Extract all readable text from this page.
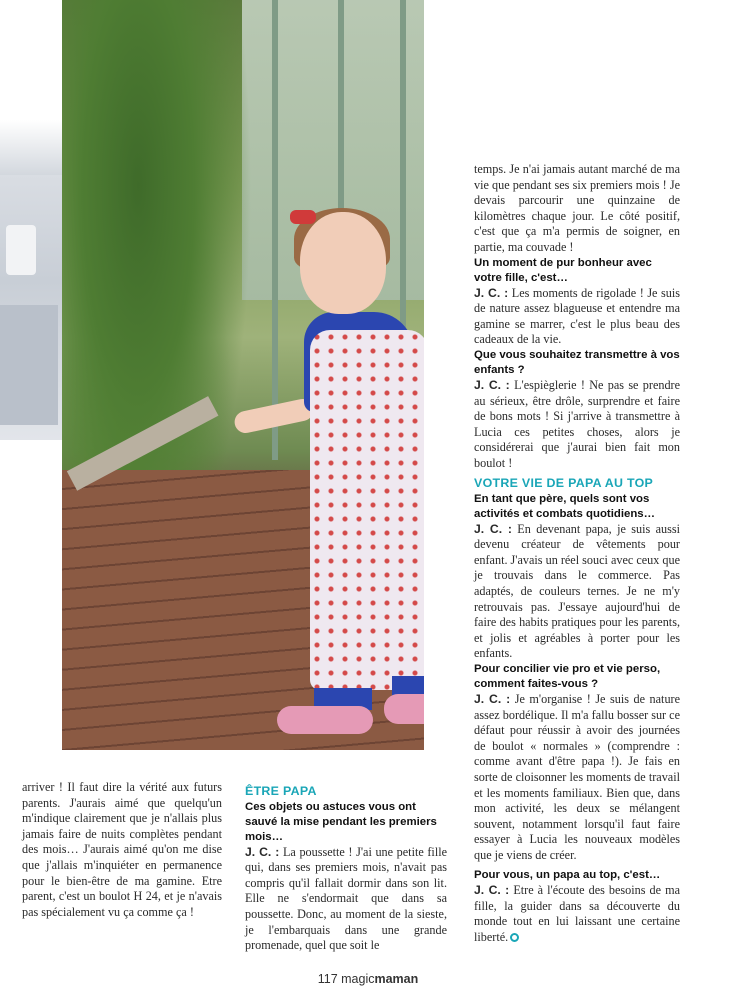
temps. Je n'ai jamais autant marché de ma vie que pendant ses six premiers mois ! Je devais parcourir une quinzaine de kilomètres chaque jour. Le côté positif, c'est que ça m'a permis de soigner, en partie, ma couvade !

Un moment de pur bonheur avec votre fille, c'est…

J. C. : Les moments de rigolade ! Je suis de nature assez blagueuse et entendre ma gamine se marrer, c'est le plus beau des cadeaux de la vie.

Que vous souhaitez transmettre à vos enfants ?

J. C. : L'espièglerie ! Ne pas se prendre au sérieux, être drôle, surprendre et faire de bons mots ! Si j'arrive à transmettre à Lucia ces petites choses, alors je considérerai que j'aurai bien fait mon boulot !

VOTRE VIE DE PAPA AU TOP

En tant que père, quels sont vos activités et combats quotidiens…

J. C. : En devenant papa, je suis aussi devenu créateur de vêtements pour enfant. J'avais un réel souci avec ceux que je trouvais dans le commerce. Pas adaptés, de couleurs ternes. Je ne m'y retrouvais pas. J'essaye aujourd'hui de faire des habits pratiques pour les parents, et jolis et agréables à porter pour les enfants.

Pour concilier vie pro et vie perso, comment faites-vous ?

J. C. : Je m'organise ! Je suis de nature assez bordélique. Il m'a fallu bosser sur ce défaut pour réussir à avoir des journées de boulot « normales » (comprendre : comme avant d'être papa !). Je fais en sorte de cloisonner les moments de travail et les moments familiaux. Bien que, dans mon activité, les deux se mélangent souvent, notamment lorsqu'il faut faire essayer à Lucia les nouveaux modèles que je viens de créer.

Pour vous, un papa au top, c'est…

J. C. : Etre à l'écoute des besoins de ma fille, la guider dans sa découverte du monde tout en lui laissant une certaine liberté.

arriver ! Il faut dire la vérité aux futurs parents. J'aurais aimé que quelqu'un m'indique clairement que je n'allais plus jamais faire de nuits complètes pendant des mois… J'aurais aimé qu'on me dise que j'allais m'inquiéter en permanence pour le bien-être de ma gamine. Etre parent, c'est un boulot H 24, et je n'avais pas spécialement vu ça comme ça !

ÊTRE PAPA

Ces objets ou astuces vous ont sauvé la mise pendant les premiers mois…

J. C. : La poussette ! J'ai une petite fille qui, dans ses premiers mois, n'avait pas compris qu'il fallait dormir dans son lit. Elle ne s'endormait que dans sa poussette. Donc, au moment de la sieste, je l'embarquais dans une grande promenade, quel que soit le

117 magicmaman
